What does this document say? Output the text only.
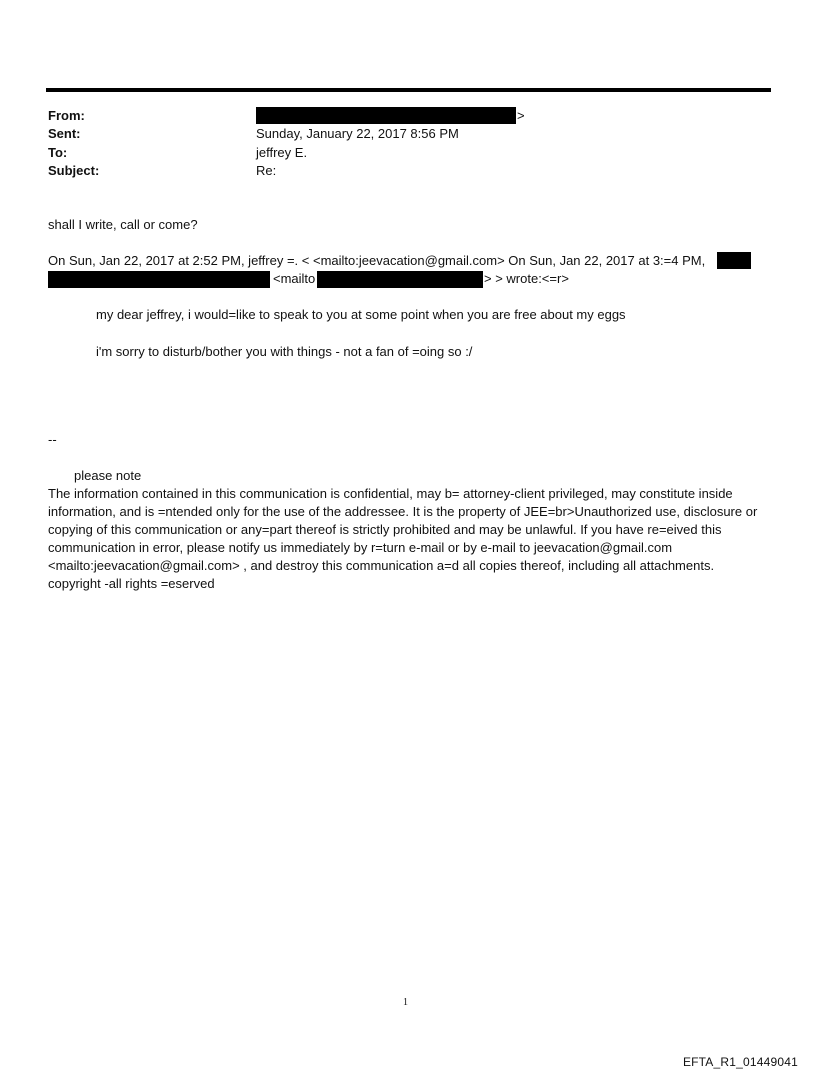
From:	>
Sent:	Sunday, January 22, 2017 8:56 PM
To:	jeffrey E.
Subject:	Re:
shall I write, call or come?
On Sun, Jan 22, 2017 at 2:52 PM, jeffrey =. < <mailto:jeevacation@gmail.com> On Sun, Jan 22, 2017 at 3:=4 PM,
<mailto	> > wrote:<=r>
my dear jeffrey, i would=like to speak to you at some point when you are free about my eggs
i'm sorry to disturb/bother you with things - not a fan of =oing so :/
--
please note
The information contained in this communication is confidential, may b= attorney-client privileged, may constitute inside information, and is =ntended only for the use of the addressee. It is the property of JEE=br>Unauthorized use, disclosure or copying of this communication or any=part thereof is strictly prohibited and may be unlawful. If you have re=eived this communication in error, please notify us immediately by r=turn e-mail or by e-mail to jeevacation@gmail.com <mailto:jeevacation@gmail.com> , and destroy this communication a=d all copies thereof, including all attachments. copyright -all rights =eserved
1
EFTA_R1_01449041
